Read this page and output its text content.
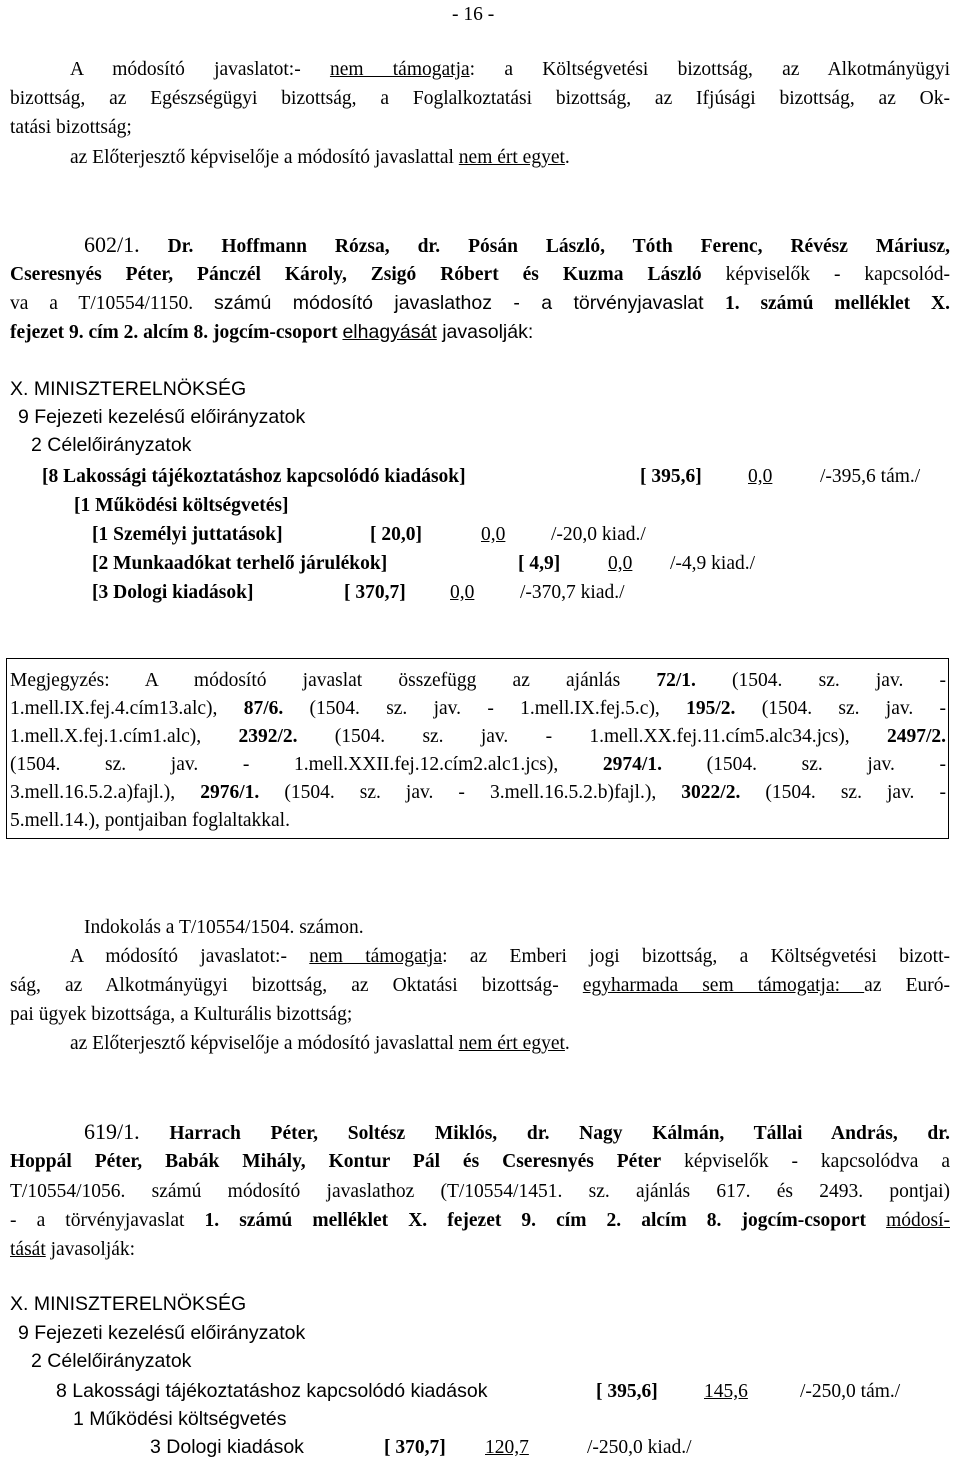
- 16 -
A módosító javaslatot:- nem támogatja: a Költségvetési bizottság, az Alkotmányügyi
bizottság, az Egészségügyi bizottság, a Foglalkoztatási bizottság, az Ifjúsági bizottság, az Ok-
tatási bizottság;
az Előterjesztő képviselője a módosító javaslattal nem ért egyet.
602/1. Dr. Hoffmann Rózsa, dr. Pósán László, Tóth Ferenc, Révész Máriusz,
Cseresnyés Péter, Pánczél Károly, Zsigó Róbert és Kuzma László képviselők - kapcsolód-
va a T/10554/1150. számú módosító javaslathoz - a törvényjavaslat 1. számú melléklet X.
fejezet 9. cím 2. alcím 8. jogcím-csoport elhagyását javasolják:
X. MINISZTERELNÖKSÉG
9 Fejezeti kezelésű előirányzatok
2 Célelőirányzatok
[8 Lakossági tájékoztatáshoz kapcsolódó kiadások]	[ 395,6] 0,0 /-395,6 tám./
[1 Működési költségvetés]
[1 Személyi juttatások]	[ 20,0]	0,0 /-20,0 kiad./
[2 Munkaadókat terhelő járulékok]	[ 4,9] 0,0 /-4,9 kiad./
[3 Dologi kiadások]	[ 370,7] 0,0 /-370,7 kiad./
Megjegyzés: A módosító javaslat összefügg az ajánlás 72/1. (1504. sz. jav. -
1.mell.IX.fej.4.cím13.alc), 87/6. (1504. sz. jav. - 1.mell.IX.fej.5.c), 195/2. (1504. sz. jav. -
1.mell.X.fej.1.cím1.alc), 2392/2. (1504. sz. jav. - 1.mell.XX.fej.11.cím5.alc34.jcs), 2497/2.
(1504. sz. jav. - 1.mell.XXII.fej.12.cím2.alc1.jcs), 2974/1. (1504. sz. jav. -
3.mell.16.5.2.a)fajl.), 2976/1. (1504. sz. jav. - 3.mell.16.5.2.b)fajl.), 3022/2. (1504. sz. jav. -
5.mell.14.), pontjaiban foglaltakkal.
Indokolás a T/10554/1504. számon.
A módosító javaslatot:- nem támogatja: az Emberi jogi bizottság, a Költségvetési bizott-
ság, az Alkotmányügyi bizottság, az Oktatási bizottság- egyharmada sem támogatja: az Euró-
pai ügyek bizottsága, a Kulturális bizottság;
az Előterjesztő képviselője a módosító javaslattal nem ért egyet.
619/1. Harrach Péter, Soltész Miklós, dr. Nagy Kálmán, Tállai András, dr.
Hoppál Péter, Babák Mihály, Kontur Pál és Cseresnyés Péter képviselők - kapcsolódva a
T/10554/1056. számú módosító javaslathoz (T/10554/1451. sz. ajánlás 617. és 2493. pontjai)
- a törvényjavaslat 1. számú melléklet X. fejezet 9. cím 2. alcím 8. jogcím-csoport módosí-
tását javasolják:
X. MINISZTERELNÖKSÉG
9 Fejezeti kezelésű előirányzatok
2 Célelőirányzatok
8 Lakossági tájékoztatáshoz kapcsolódó kiadások	[ 395,6] 145,6	/-250,0 tám./
1 Működési költségvetés
3 Dologi kiadások	[ 370,7] 120,7	/-250,0 kiad./
